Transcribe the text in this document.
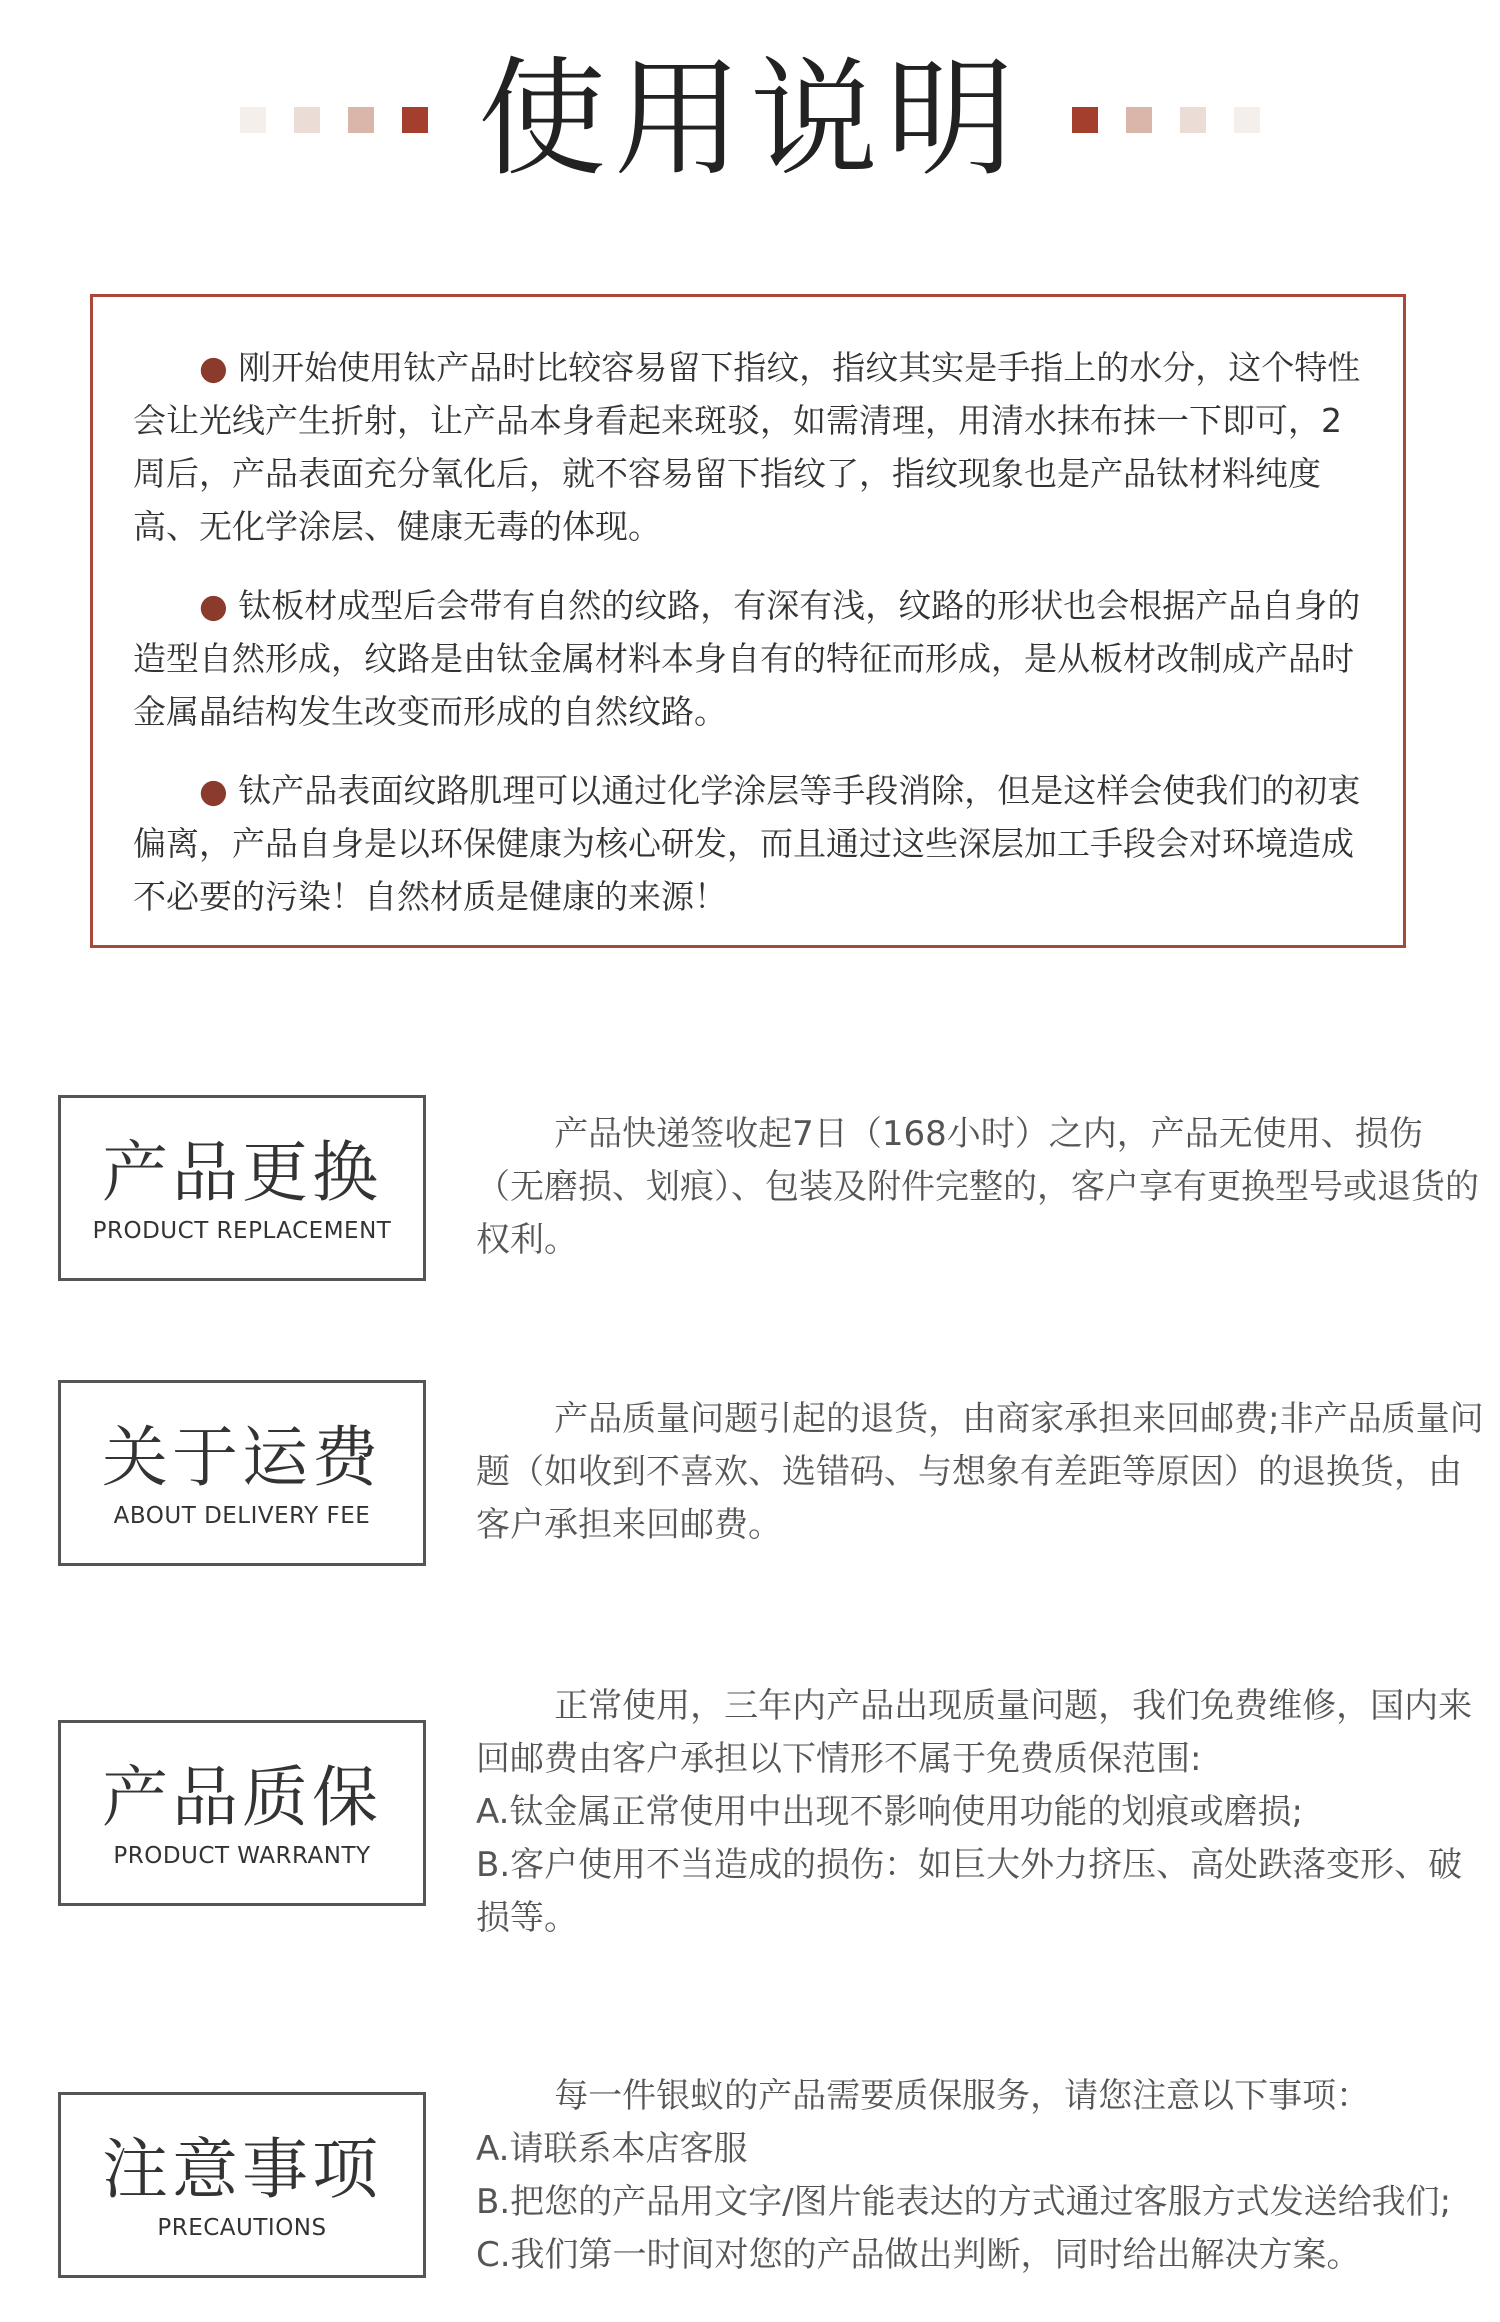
使用说明

● 刚开始使用钛产品时比较容易留下指纹，指纹其实是手指上的水分，这个特性会让光线产生折射，让产品本身看起来斑驳，如需清理，用清水抹布抹一下即可，2周后，产品表面充分氧化后，就不容易留下指纹了，指纹现象也是产品钛材料纯度高、无化学涂层、健康无毒的体现。

● 钛板材成型后会带有自然的纹路，有深有浅，纹路的形状也会根据产品自身的造型自然形成，纹路是由钛金属材料本身自有的特征而形成，是从板材改制成产品时金属晶结构发生改变而形成的自然纹路。

● 钛产品表面纹路肌理可以通过化学涂层等手段消除，但是这样会使我们的初衷偏离，产品自身是以环保健康为核心研发，而且通过这些深层加工手段会对环境造成不必要的污染！自然材质是健康的来源！

产品更换
PRODUCT REPLACEMENT

产品快递签收起7日（168小时）之内，产品无使用、损伤（无磨损、划痕）、包装及附件完整的，客户享有更换型号或退货的权利。

关于运费
ABOUT DELIVERY FEE

产品质量问题引起的退货，由商家承担来回邮费;非产品质量问题（如收到不喜欢、选错码、与想象有差距等原因）的退换货，由客户承担来回邮费。

产品质保
PRODUCT WARRANTY

正常使用，三年内产品出现质量问题，我们免费维修，国内来回邮费由客户承担以下情形不属于免费质保范围:

A.钛金属正常使用中出现不影响使用功能的划痕或磨损;

B.客户使用不当造成的损伤：如巨大外力挤压、高处跌落变形、破损等。

注意事项
PRECAUTIONS

每一件银蚁的产品需要质保服务，请您注意以下事项：

A.请联系本店客服

B.把您的产品用文字/图片能表达的方式通过客服方式发送给我们;

C.我们第一时间对您的产品做出判断，同时给出解决方案。
